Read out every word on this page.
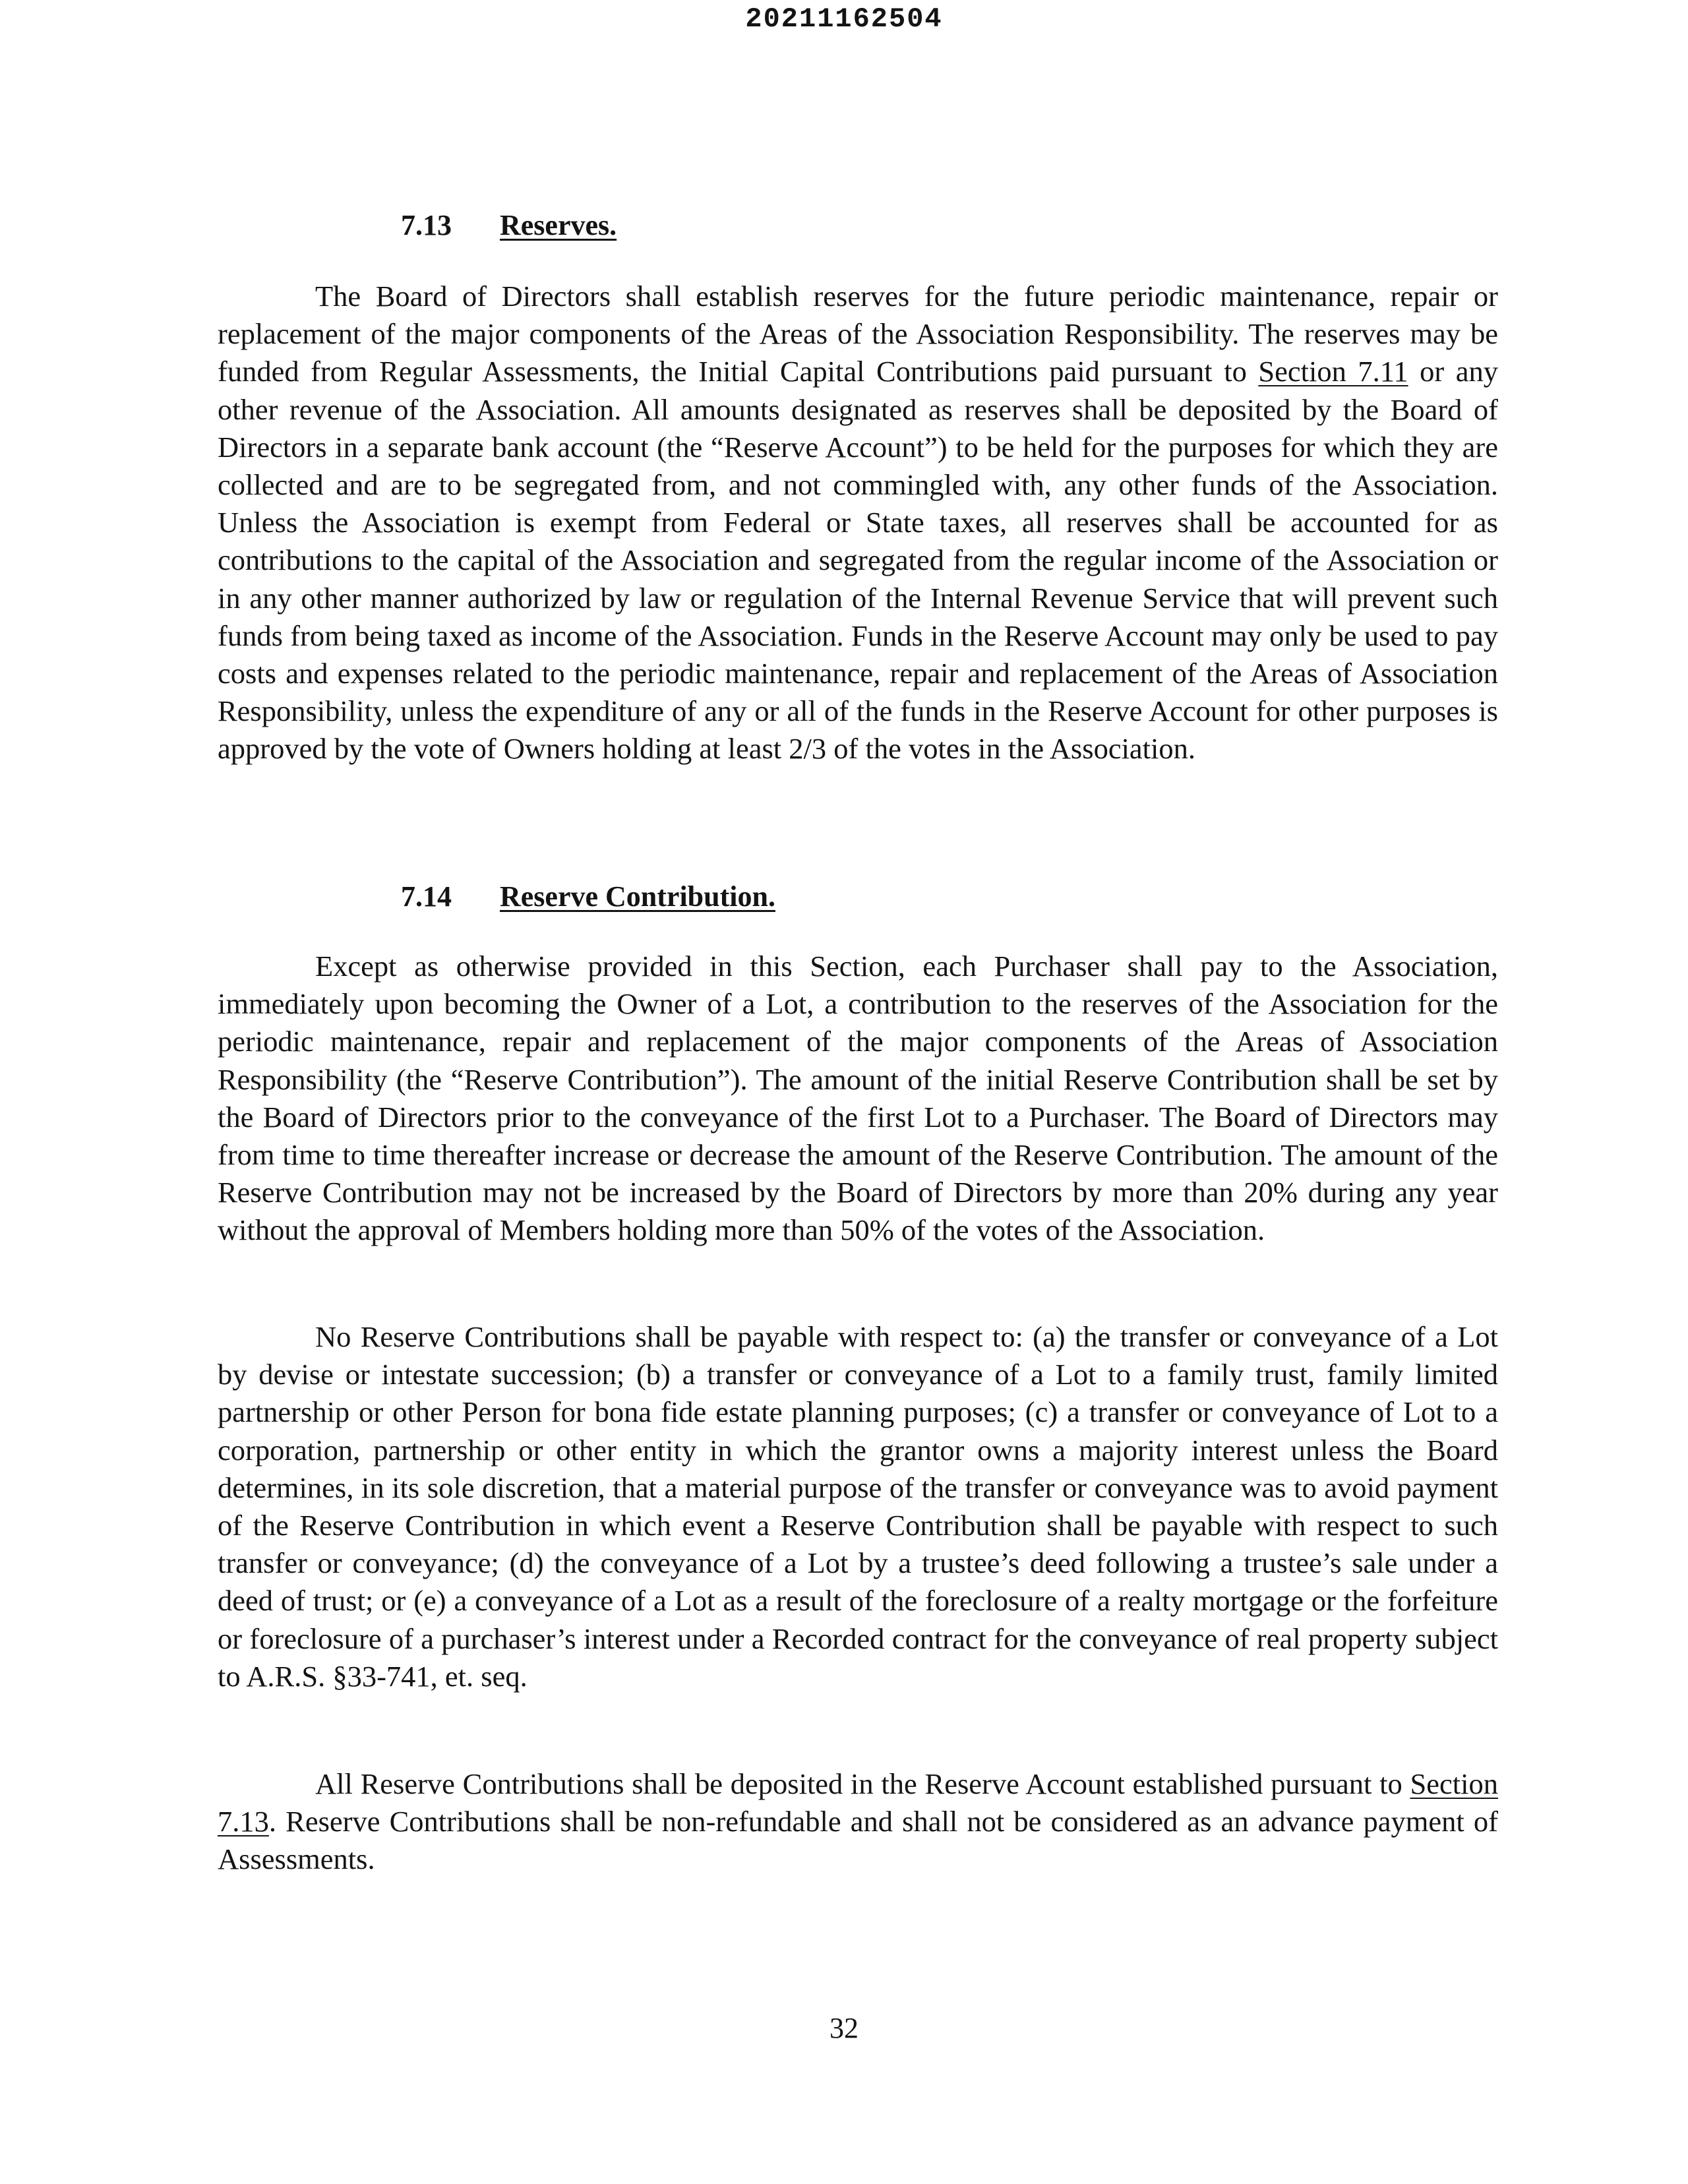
20211162504
7.13 Reserves.

The Board of Directors shall establish reserves for the future periodic maintenance, repair or replacement of the major components of the Areas of the Association Responsibility. The reserves may be funded from Regular Assessments, the Initial Capital Contributions paid pursuant to Section 7.11 or any other revenue of the Association. All amounts designated as reserves shall be deposited by the Board of Directors in a separate bank account (the “Reserve Account”) to be held for the purposes for which they are collected and are to be segregated from, and not commingled with, any other funds of the Association. Unless the Association is exempt from Federal or State taxes, all reserves shall be accounted for as contributions to the capital of the Association and segregated from the regular income of the Association or in any other manner authorized by law or regulation of the Internal Revenue Service that will prevent such funds from being taxed as income of the Association. Funds in the Reserve Account may only be used to pay costs and expenses related to the periodic maintenance, repair and replacement of the Areas of Association Responsibility, unless the expenditure of any or all of the funds in the Reserve Account for other purposes is approved by the vote of Owners holding at least 2/3 of the votes in the Association.

7.14 Reserve Contribution.

Except as otherwise provided in this Section, each Purchaser shall pay to the Association, immediately upon becoming the Owner of a Lot, a contribution to the reserves of the Association for the periodic maintenance, repair and replacement of the major components of the Areas of Association Responsibility (the “Reserve Contribution”). The amount of the initial Reserve Contribution shall be set by the Board of Directors prior to the conveyance of the first Lot to a Purchaser. The Board of Directors may from time to time thereafter increase or decrease the amount of the Reserve Contribution. The amount of the Reserve Contribution may not be increased by the Board of Directors by more than 20% during any year without the approval of Members holding more than 50% of the votes of the Association.

No Reserve Contributions shall be payable with respect to: (a) the transfer or conveyance of a Lot by devise or intestate succession; (b) a transfer or conveyance of a Lot to a family trust, family limited partnership or other Person for bona fide estate planning purposes; (c) a transfer or conveyance of Lot to a corporation, partnership or other entity in which the grantor owns a majority interest unless the Board determines, in its sole discretion, that a material purpose of the transfer or conveyance was to avoid payment of the Reserve Contribution in which event a Reserve Contribution shall be payable with respect to such transfer or conveyance; (d) the conveyance of a Lot by a trustee’s deed following a trustee’s sale under a deed of trust; or (e) a conveyance of a Lot as a result of the foreclosure of a realty mortgage or the forfeiture or foreclosure of a purchaser’s interest under a Recorded contract for the conveyance of real property subject to A.R.S. §33-741, et. seq.

All Reserve Contributions shall be deposited in the Reserve Account established pursuant to Section 7.13. Reserve Contributions shall be non-refundable and shall not be considered as an advance payment of Assessments.

32
